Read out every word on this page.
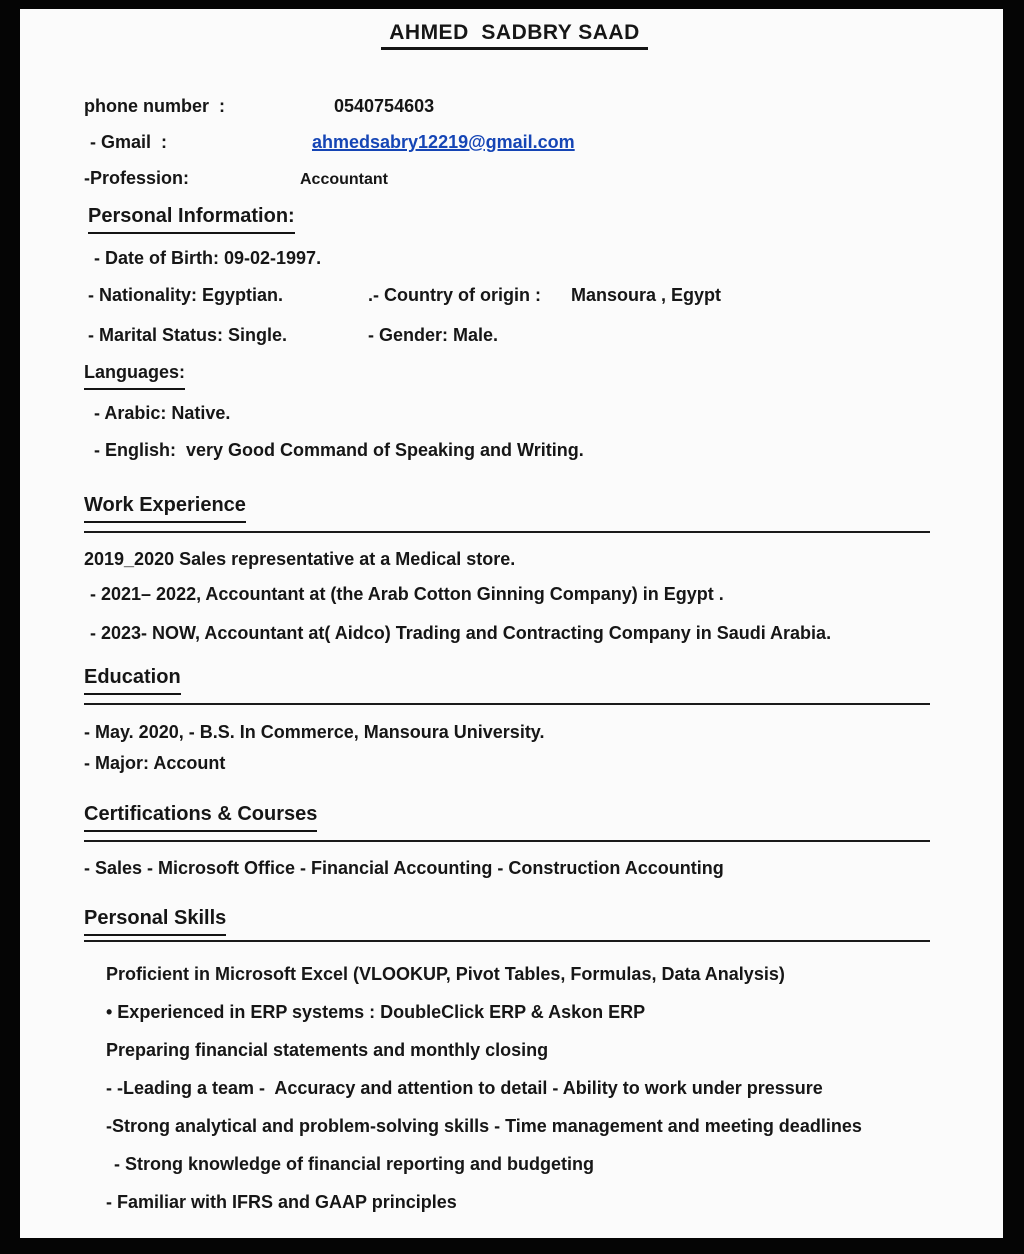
AHMED  SADBRY SAAD
phone number  :	0540754603
- Gmail  :	ahmedsabry12219@gmail.com
-Profession:	Accountant
Personal Information:
- Date of Birth: 09-02-1997.
- Nationality: Egyptian.	.- Country of origin : Mansoura , Egypt
- Marital Status: Single.	- Gender: Male.
Languages:
- Arabic: Native.
- English:  very Good Command of Speaking and Writing.
Work Experience
2019_2020 Sales representative at a Medical store.
- 2021– 2022, Accountant at (the Arab Cotton Ginning Company) in Egypt .
- 2023- NOW, Accountant at( Aidco) Trading and Contracting Company in Saudi Arabia.
Education
- May. 2020, - B.S. In Commerce, Mansoura University.
- Major: Account
Certifications & Courses
- Sales - Microsoft Office - Financial Accounting - Construction Accounting
Personal Skills
Proficient in Microsoft Excel (VLOOKUP, Pivot Tables, Formulas, Data Analysis)
• Experienced in ERP systems : DoubleClick ERP & Askon ERP
Preparing financial statements and monthly closing
- -Leading a team -  Accuracy and attention to detail - Ability to work under pressure
-Strong analytical and problem-solving skills - Time management and meeting deadlines
- Strong knowledge of financial reporting and budgeting
- Familiar with IFRS and GAAP principles
